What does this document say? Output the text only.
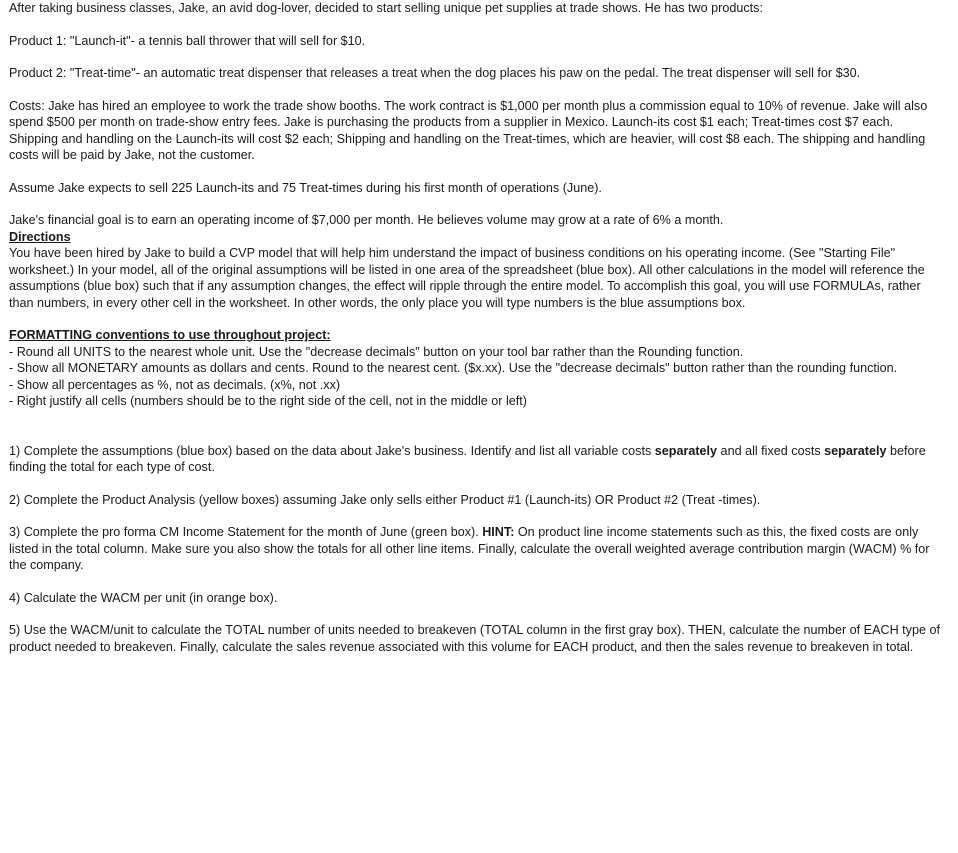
After taking business classes, Jake, an avid dog-lover, decided to start selling unique pet supplies at trade shows. He has two products:

Product 1: "Launch-it"- a tennis ball thrower that will sell for $10.

Product 2: "Treat-time"- an automatic treat dispenser that releases a treat when the dog places his paw on the pedal. The treat dispenser will sell for $30.

Costs: Jake has hired an employee to work the trade show booths. The work contract is $1,000 per month plus a commission equal to 10% of revenue. Jake will also spend $500 per month on trade-show entry fees. Jake is purchasing the products from a supplier in Mexico. Launch-its cost $1 each; Treat-times cost $7 each. Shipping and handling on the Launch-its will cost $2 each; Shipping and handling on the Treat-times, which are heavier, will cost $8 each. The shipping and handling costs will be paid by Jake, not the customer.

Assume Jake expects to sell 225 Launch-its and 75 Treat-times during his first month of operations (June).

Jake's financial goal is to earn an operating income of $7,000 per month. He believes volume may grow at a rate of 6% a month.

Directions

You have been hired by Jake to build a CVP model that will help him understand the impact of business conditions on his operating income. (See "Starting File" worksheet.) In your model, all of the original assumptions will be listed in one area of the spreadsheet (blue box). All other calculations in the model will reference the assumptions (blue box) such that if any assumption changes, the effect will ripple through the entire model. To accomplish this goal, you will use FORMULAs, rather than numbers, in every other cell in the worksheet. In other words, the only place you will type numbers is the blue assumptions box.

FORMATTING conventions to use throughout project:

- Round all UNITS to the nearest whole unit. Use the "decrease decimals" button on your tool bar rather than the Rounding function.

- Show all MONETARY amounts as dollars and cents. Round to the nearest cent. ($x.xx). Use the "decrease decimals" button rather than the rounding function.

- Show all percentages as %, not as decimals. (x%, not .xx)

- Right justify all cells (numbers should be to the right side of the cell, not in the middle or left)

1) Complete the assumptions (blue box) based on the data about Jake's business. Identify and list all variable costs separately and all fixed costs separately before finding the total for each type of cost.

2) Complete the Product Analysis (yellow boxes) assuming Jake only sells either Product #1 (Launch-its) OR Product #2 (Treat -times).

3) Complete the pro forma CM Income Statement for the month of June (green box). HINT: On product line income statements such as this, the fixed costs are only listed in the total column. Make sure you also show the totals for all other line items. Finally, calculate the overall weighted average contribution margin (WACM) % for the company.

4) Calculate the WACM per unit (in orange box).

5) Use the WACM/unit to calculate the TOTAL number of units needed to breakeven (TOTAL column in the first gray box). THEN, calculate the number of EACH type of product needed to breakeven. Finally, calculate the sales revenue associated with this volume for EACH product, and then the sales revenue to breakeven in total.
